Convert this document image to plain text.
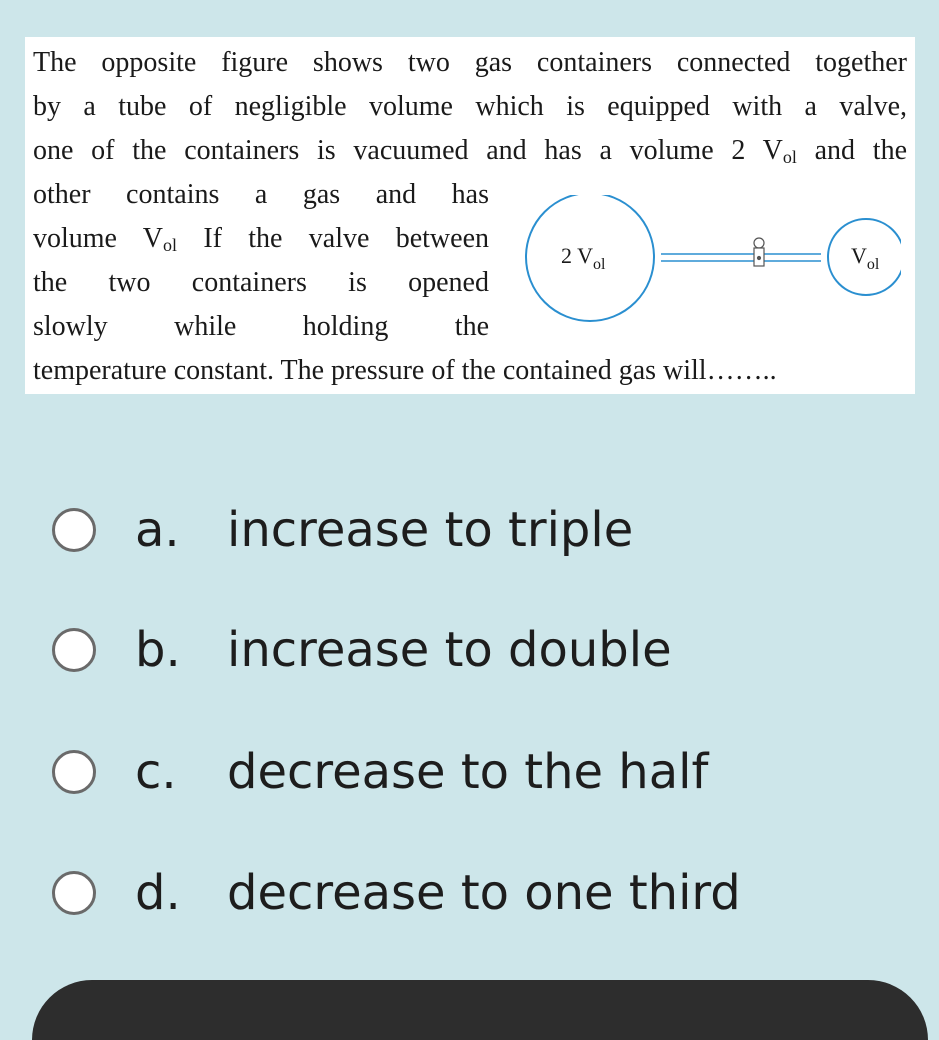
The opposite figure shows two gas containers connected together
by a tube of negligible volume which is equipped with a valve,
one of the containers is vacuumed and has a volume 2 $V_{ol}$ and the
other contains a gas and has
volume $V_{ol}$ If the valve between
the two containers is opened
slowly while holding the
temperature constant. The pressure of the contained gas will……..
2 $V_{ol}$	$V_{ol}$
a. increase to triple
b. increase to double
c.	decrease to the half
d. decrease to one third
